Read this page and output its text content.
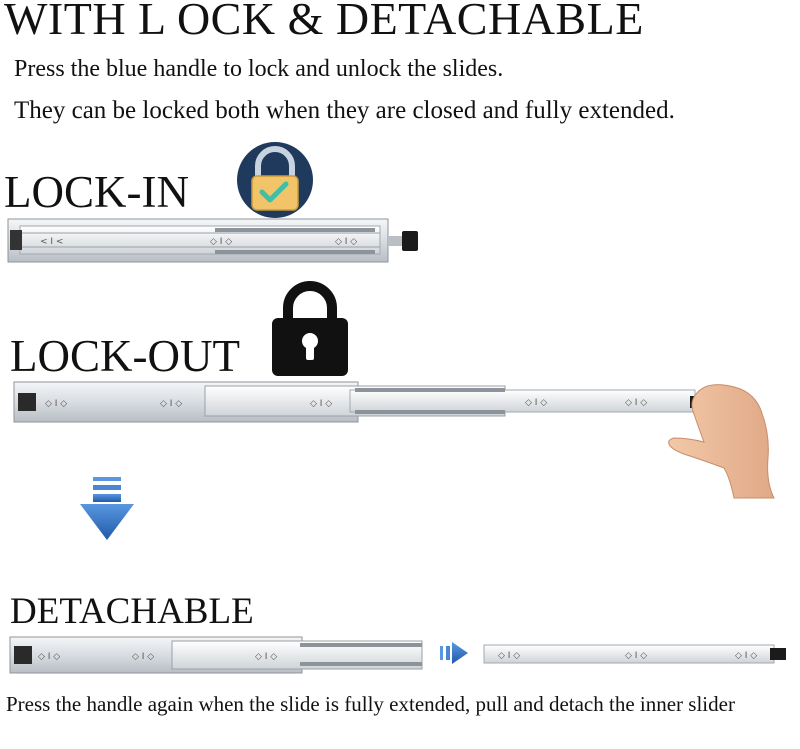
WITH L OCK & DETACHABLE
Press the blue handle to lock and unlock the slides.
They can be locked both when they are closed and fully extended.
LOCK-IN
LOCK-OUT
DETACHABLE
< I <	◇ I ◇	◇ I ◇
◇ I ◇	◇ I ◇	◇ I ◇	◇ I ◇	◇ I ◇
◇ I ◇	◇ I ◇	◇ I ◇	◇ I ◇	◇ I ◇	◇ I ◇
Press the handle again when the slide is fully extended, pull and detach the inner slider
